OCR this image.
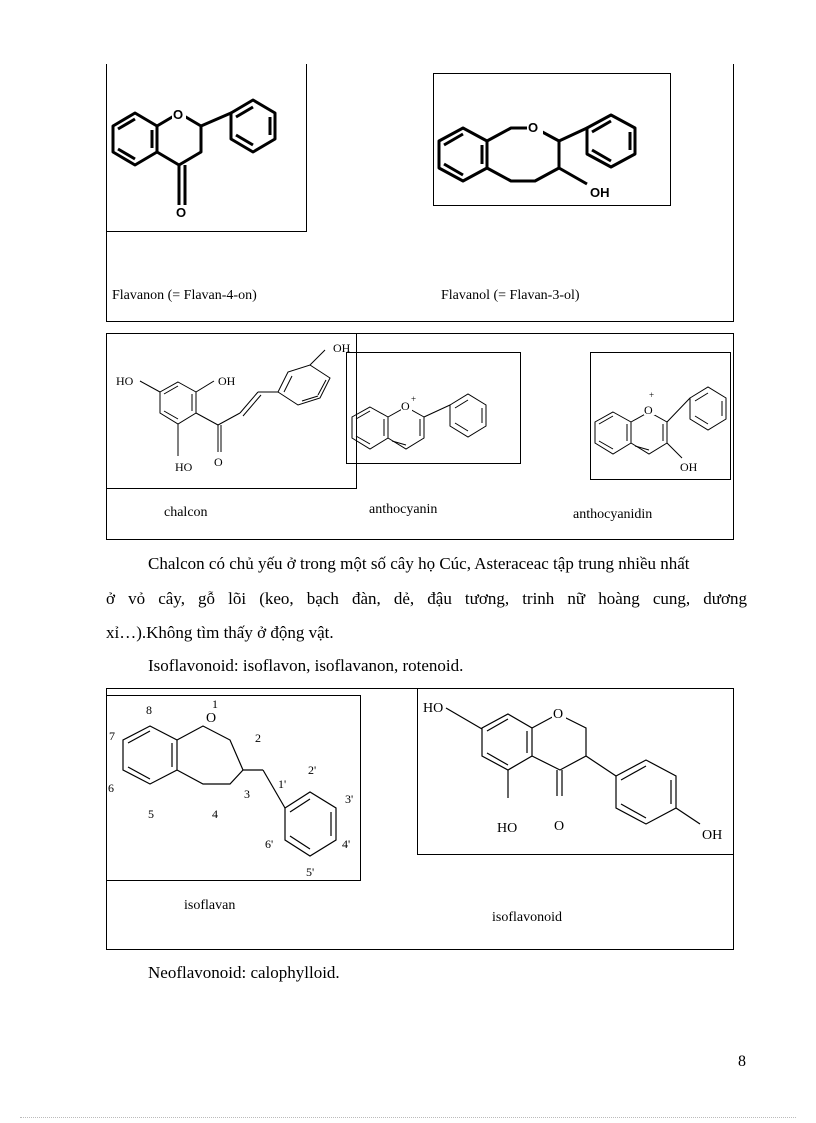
O
O
O
OH
Flavanon (= Flavan-4-on)	Flavanol (= Flavan-3-ol)
HO	OH
HO O
OH
O +
O
+
OH
chalcon	anthocyanin	anthocyanidin
Chalcon có chủ yếu ở trong một số cây họ Cúc, Asteraceac tập trung nhiều nhất
ở vỏ cây, gỗ lõi (keo, bạch đàn, dẻ, đậu tương, trinh nữ hoàng cung, dương
xỉ…).Không tìm thấy ở động vật.
Isoflavonoid: isoflavon, isoflavanon, rotenoid.
O
1
2
3
4
5
6
7
8
1'
2'
3'
4'
5'
6'
O
HO
HO	O
OH
isoflavan
isoflavonoid
Neoflavonoid: calophylloid.
8
